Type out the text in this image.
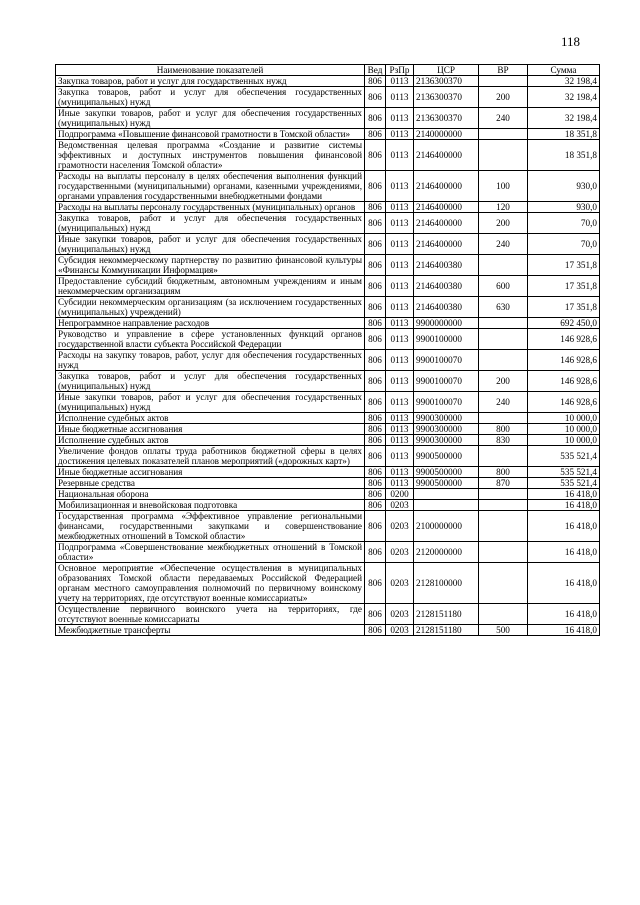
118
Наименование показателей	Вед	РзПр	ЦСР	ВР	Сумма
Закупка товаров, работ и услуг для государственных нужд	806	0113	2136300370		32 198,4
Закупка товаров, работ и услуг для обеспечения государственных (муниципальных) нужд	806	0113	2136300370	200	32 198,4
Иные закупки товаров, работ и услуг для обеспечения государственных (муниципальных) нужд	806	0113	2136300370	240	32 198,4
Подпрограмма «Повышение финансовой грамотности в Томской области»	806	0113	2140000000		18 351,8
Ведомственная целевая программа «Создание и развитие системы эффективных и доступных инструментов повышения финансовой грамотности населения Томской области»	806	0113	2146400000		18 351,8
Расходы на выплаты персоналу в целях обеспечения выполнения функций государственными (муниципальными) органами, казенными учреждениями, органами управления государственными внебюджетными фондами	806	0113	2146400000	100	930,0
Расходы на выплаты персоналу государственных (муниципальных) органов	806	0113	2146400000	120	930,0
Закупка товаров, работ и услуг для обеспечения государственных (муниципальных) нужд	806	0113	2146400000	200	70,0
Иные закупки товаров, работ и услуг для обеспечения государственных (муниципальных) нужд	806	0113	2146400000	240	70,0
Субсидия некоммерческому партнерству по развитию финансовой культуры «Финансы Коммуникации Информация»	806	0113	2146400380		17 351,8
Предоставление субсидий бюджетным, автономным учреждениям и иным некоммерческим организациям	806	0113	2146400380	600	17 351,8
Субсидии некоммерческим организациям (за исключением государственных (муниципальных) учреждений)	806	0113	2146400380	630	17 351,8
Непрограммное направление расходов	806	0113	9900000000		692 450,0
Руководство и управление в сфере установленных функций органов государственной власти субъекта Российской Федерации	806	0113	9900100000		146 928,6
Расходы на закупку товаров, работ, услуг для обеспечения государственных нужд	806	0113	9900100070		146 928,6
Закупка товаров, работ и услуг для обеспечения государственных (муниципальных) нужд	806	0113	9900100070	200	146 928,6
Иные закупки товаров, работ и услуг для обеспечения государственных (муниципальных) нужд	806	0113	9900100070	240	146 928,6
Исполнение судебных актов	806	0113	9900300000		10 000,0
Иные бюджетные ассигнования	806	0113	9900300000	800	10 000,0
Исполнение судебных актов	806	0113	9900300000	830	10 000,0
Увеличение фондов оплаты труда работников бюджетной сферы в целях достижения целевых показателей планов мероприятий («дорожных карт»)	806	0113	9900500000		535 521,4
Иные бюджетные ассигнования	806	0113	9900500000	800	535 521,4
Резервные средства	806	0113	9900500000	870	535 521,4
Национальная оборона	806	0200			16 418,0
Мобилизационная и вневойсковая подготовка	806	0203			16 418,0
Государственная программа «Эффективное управление региональными финансами, государственными закупками и совершенствование межбюджетных отношений в Томской области»	806	0203	2100000000		16 418,0
Подпрограмма «Совершенствование межбюджетных отношений в Томской области»	806	0203	2120000000		16 418,0
Основное мероприятие «Обеспечение осуществления в муниципальных образованиях Томской области передаваемых Российской Федерацией органам местного самоуправления полномочий по первичному воинскому учету на территориях, где отсутствуют военные комиссариаты»	806	0203	2128100000		16 418,0
Осуществление первичного воинского учета на территориях, где отсутствуют военные комиссариаты	806	0203	2128151180		16 418,0
Межбюджетные трансферты	806	0203	2128151180	500	16 418,0
